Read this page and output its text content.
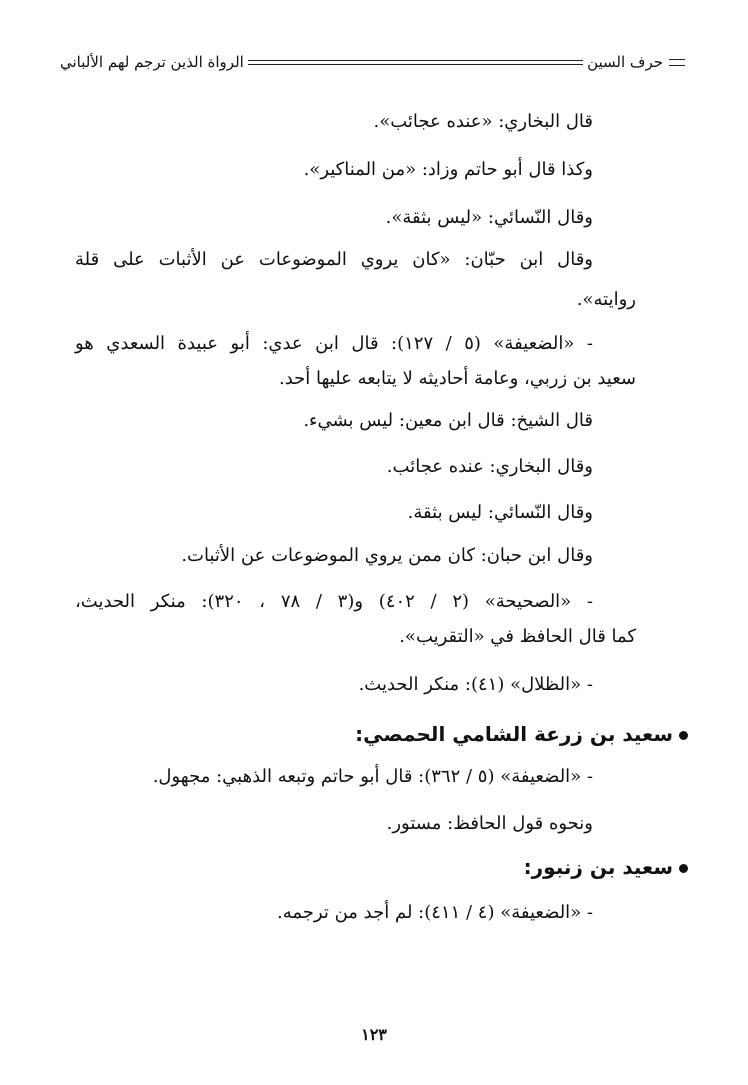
حرف السين
الرواة الذين ترجم لهم الألباني
قال البخاري: «عنده عجائب».
وكذا قال أبو حاتم وزاد: «من المناكير».
وقال النّسائي: «ليس بثقة».
وقال ابن حبّان: «كان يروي الموضوعات عن الأثبات على قلة
روايته».
- «الضعيفة» (٥ / ١٢٧): قال ابن عدي: أبو عبيدة السعدي هو
سعيد بن زربي، وعامة أحاديثه لا يتابعه عليها أحد.
قال الشيخ: قال ابن معين: ليس بشيء.
وقال البخاري: عنده عجائب.
وقال النّسائي: ليس بثقة.
وقال ابن حبان: كان ممن يروي الموضوعات عن الأثبات.
- «الصحيحة» (٢ / ٤٠٢) و(٣ / ٧٨ ، ٣٢٠): منكر الحديث،
كما قال الحافظ في «التقريب».
- «الظلال» (٤١): منكر الحديث.
سعيد بن زرعة الشامي الحمصي:
- «الضعيفة» (٥ / ٣٦٢): قال أبو حاتم وتبعه الذهبي: مجهول.
ونحوه قول الحافظ: مستور.
سعيد بن زنبور:
- «الضعيفة» (٤ / ٤١١): لم أجد من ترجمه.
١٢٣
